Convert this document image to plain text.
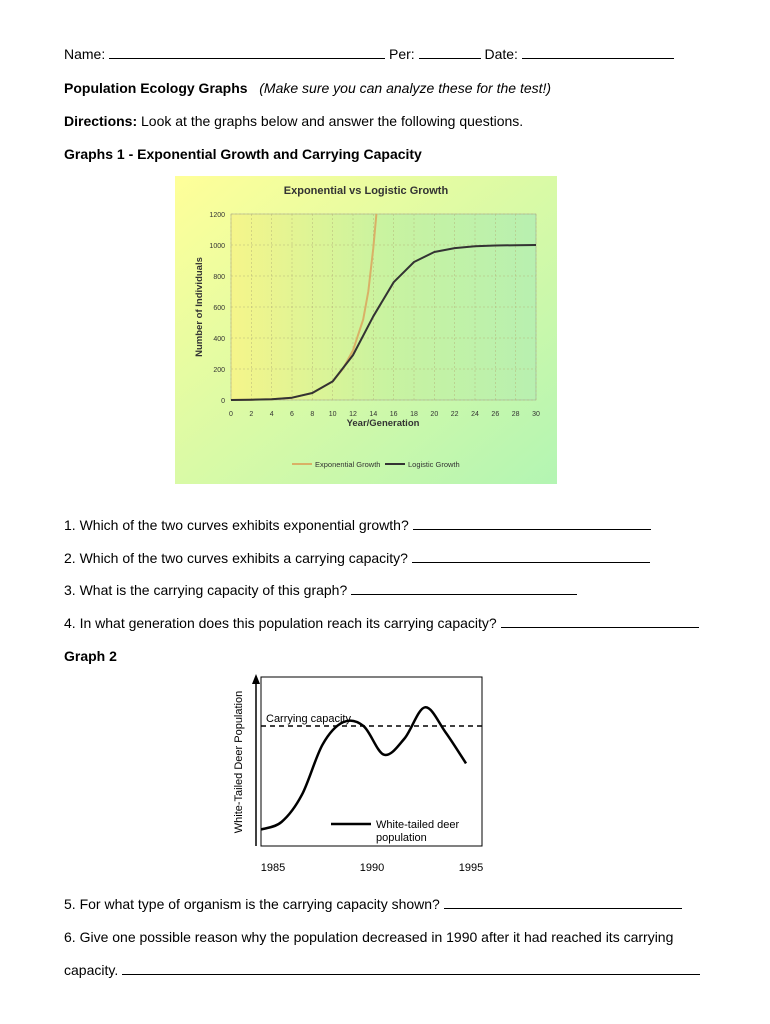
Name:	Per:	Date:
Population Ecology Graphs (Make sure you can analyze these for the test!)
Directions: Look at the graphs below and answer the following questions.
Graphs 1 - Exponential Growth and Carrying Capacity
Exponential vs Logistic Growth
0
200
400
600
800
1000
1200
0 2 4 6 8 10 12 14 16 18 20 22 24 26 28 30
Year/Generation
Number of Individuals
Exponential Growth	Logistic Growth
1. Which of the two curves exhibits exponential growth?
2. Which of the two curves exhibits a carrying capacity?
3. What is the carrying capacity of this graph?
4. In what generation does this population reach its carrying capacity?
Graph 2
White-Tailed Deer Population Carrying capacity
White-tailed deer
population
1985	1990	1995
5. For what type of organism is the carrying capacity shown?
6. Give one possible reason why the population decreased in 1990 after it had reached its carrying
capacity.
